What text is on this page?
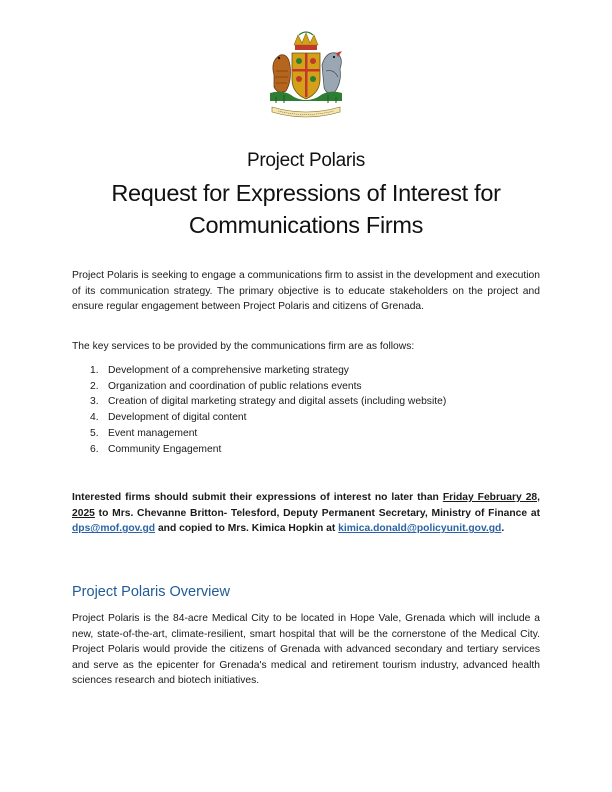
Project Polaris
Request for Expressions of Interest for
Communications Firms

Project Polaris is seeking to engage a communications firm to assist in the development and execution of its communication strategy. The primary objective is to educate stakeholders on the project and ensure regular engagement between Project Polaris and citizens of Grenada.

The key services to be provided by the communications firm are as follows:

1. Development of a comprehensive marketing strategy
2. Organization and coordination of public relations events
3. Creation of digital marketing strategy and digital assets (including website)
4. Development of digital content
5. Event management
6. Community Engagement

Interested firms should submit their expressions of interest no later than Friday February 28, 2025 to Mrs. Chevanne Britton- Telesford, Deputy Permanent Secretary, Ministry of Finance at dps@mof.gov.gd and copied to Mrs. Kimica Hopkin at kimica.donald@policyunit.gov.gd.

Project Polaris Overview

Project Polaris is the 84-acre Medical City to be located in Hope Vale, Grenada which will include a new, state-of-the-art, climate-resilient, smart hospital that will be the cornerstone of the Medical City. Project Polaris would provide the citizens of Grenada with advanced secondary and tertiary services and serve as the epicenter for Grenada's medical and retirement tourism industry, advanced health sciences research and biotech initiatives.
